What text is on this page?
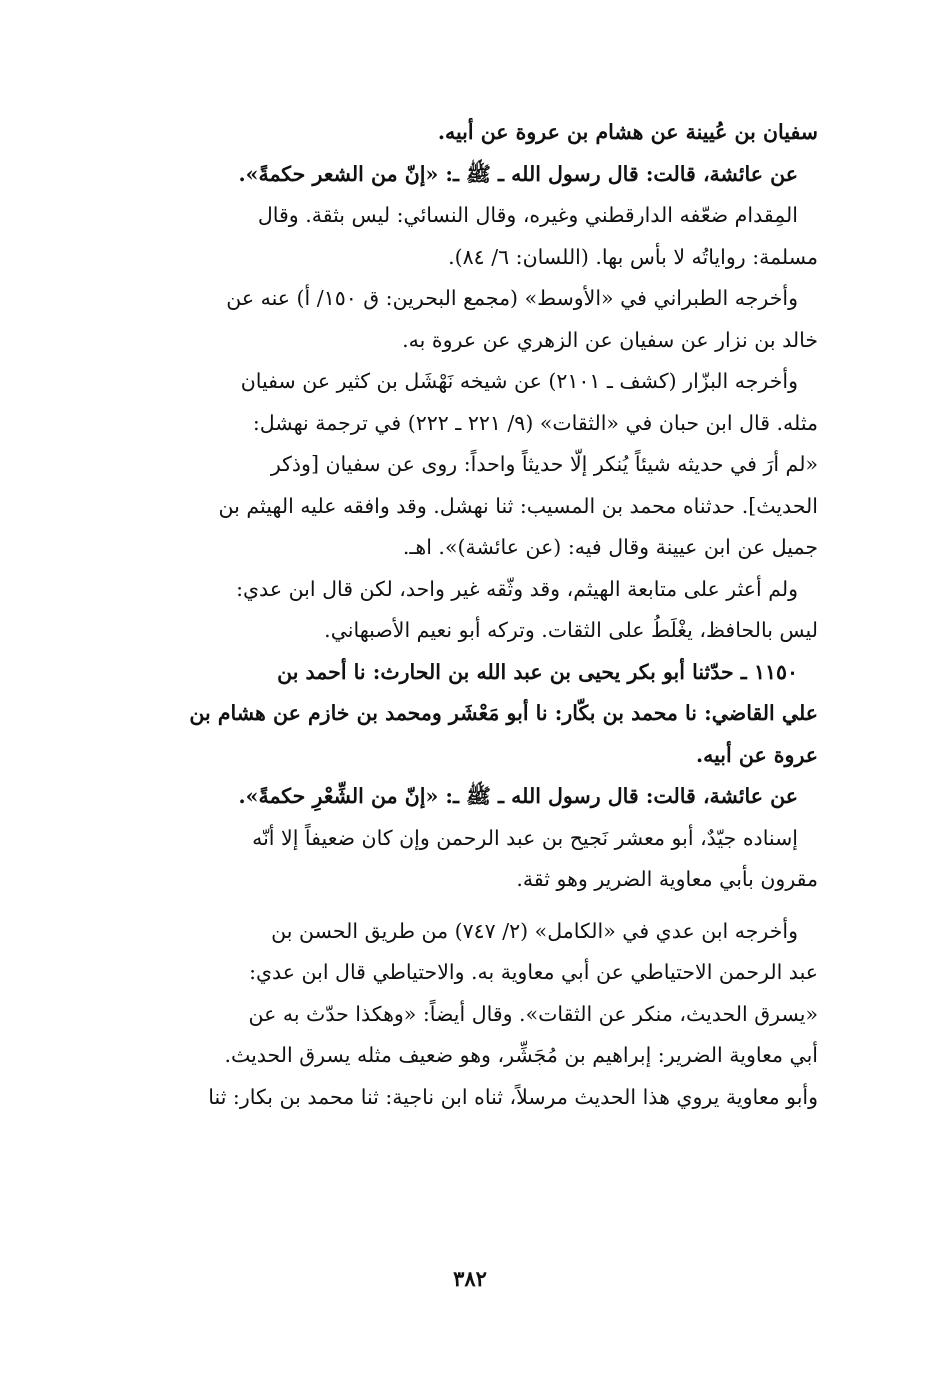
سفيان بن عُيينة عن هشام بن عروة عن أبيه.
عن عائشة، قالت: قال رسول الله ـ ﷺ ـ: «إنّ من الشعر حكمةً».
المِقدام ضعّفه الدارقطني وغيره، وقال النسائي: ليس بثقة. وقال
مسلمة: رواياتُه لا بأس بها. (اللسان: ٦/ ٨٤).
وأخرجه الطبراني في «الأوسط» (مجمع البحرين: ق ١٥٠/ أ) عنه عن
خالد بن نزار عن سفيان عن الزهري عن عروة به.
وأخرجه البزّار (كشف ـ ٢١٠١) عن شيخه نَهْشَل بن كثير عن سفيان
مثله. قال ابن حبان في «الثقات» (٩/ ٢٢١ ـ ٢٢٢) في ترجمة نهشل:
«لم أرَ في حديثه شيئاً يُنكر إلّا حديثاً واحداً: روى عن سفيان [وذكر
الحديث]. حدثناه محمد بن المسيب: ثنا نهشل. وقد وافقه عليه الهيثم بن
جميل عن ابن عيينة وقال فيه: (عن عائشة)». اهـ.
ولم أعثر على متابعة الهيثم، وقد وثّقه غير واحد، لكن قال ابن عدي:
ليس بالحافظ، يغْلَطُ على الثقات. وتركه أبو نعيم الأصبهاني.
١١٥٠ ـ حدّثنا أبو بكر يحيى بن عبد الله بن الحارث: نا أحمد بن
علي القاضي: نا محمد بن بكّار: نا أبو مَعْشَر ومحمد بن خازم عن هشام بن
عروة عن أبيه.
عن عائشة، قالت: قال رسول الله ـ ﷺ ـ: «إنّ من الشِّعْرِ حكمةً».
إسناده جيّدٌ، أبو معشر نَجيح بن عبد الرحمن وإن كان ضعيفاً إلا أنّه
مقرون بأبي معاوية الضرير وهو ثقة.
وأخرجه ابن عدي في «الكامل» (٢/ ٧٤٧) من طريق الحسن بن
عبد الرحمن الاحتياطي عن أبي معاوية به. والاحتياطي قال ابن عدي:
«يسرق الحديث، منكر عن الثقات». وقال أيضاً: «وهكذا حدّث به عن
أبي معاوية الضرير: إبراهيم بن مُجَشِّر، وهو ضعيف مثله يسرق الحديث.
وأبو معاوية يروي هذا الحديث مرسلاً، ثناه ابن ناجية: ثنا محمد بن بكار: ثنا
٣٨٢
